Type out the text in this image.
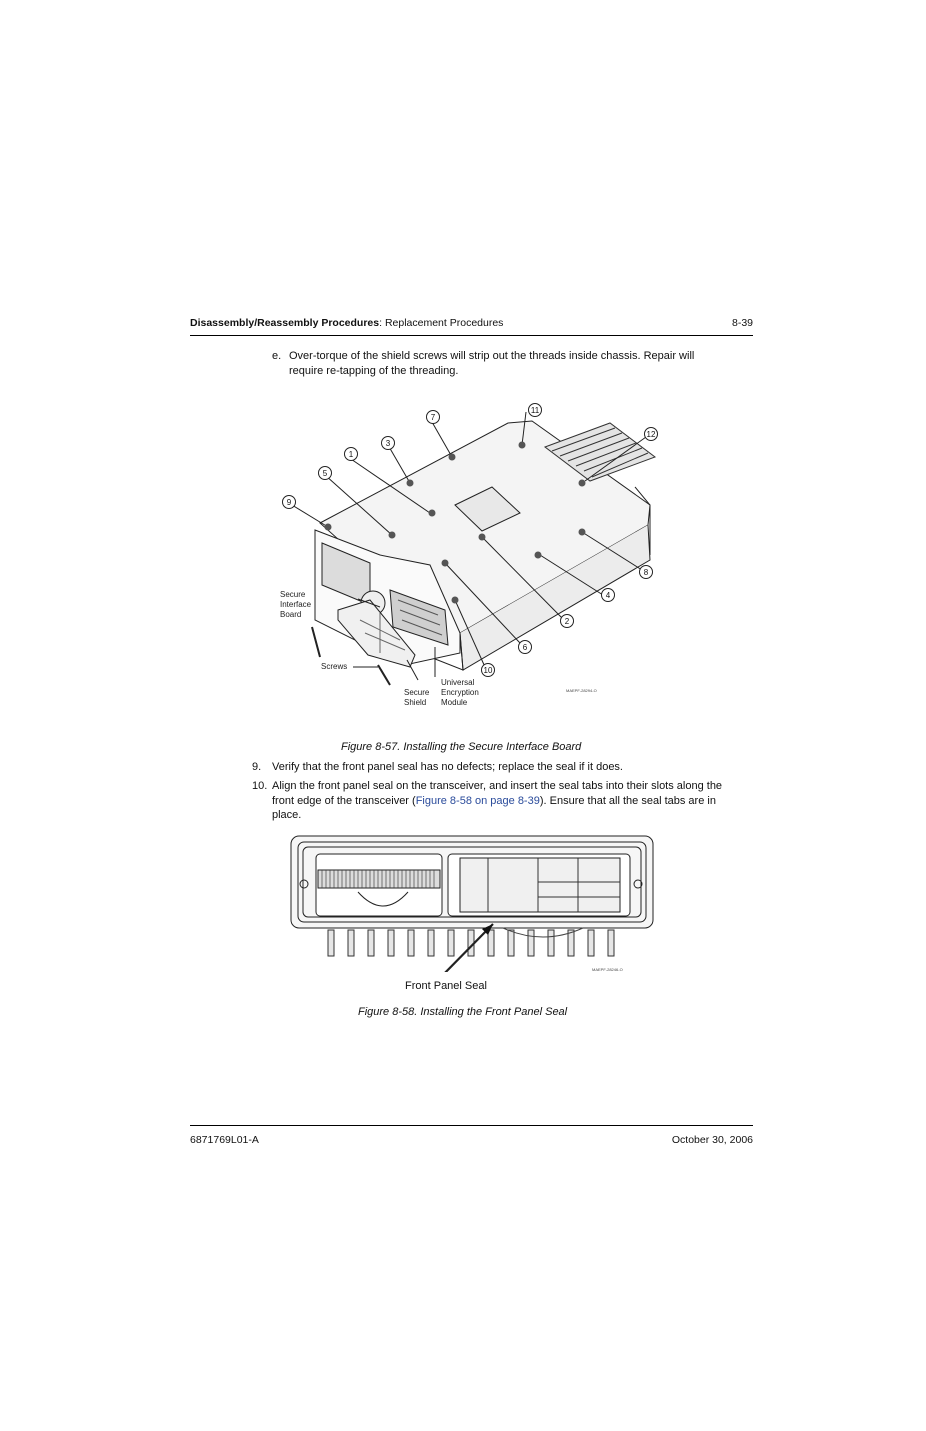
Disassembly/Reassembly Procedures: Replacement Procedures	8-39
e. Over-torque of the shield screws will strip out the threads inside chassis. Repair will
require re-tapping of the threading.
1
2
3
4
5
6
7
8
9
10
11
12
Secure
Interface
Board
Screws
Secure
Shield
Universal
Encryption
Module
MAEPF-28294-O
Figure 8-57. Installing the Secure Interface Board
9. Verify that the front panel seal has no defects; replace the seal if it does.
10. Align the front panel seal on the transceiver, and insert the seal tabs into their slots along the
front edge of the transceiver (Figure 8-58 on page 8-39). Ensure that all the seal tabs are in
place.
MAEPF-28246-O
Front Panel Seal
Figure 8-58. Installing the Front Panel Seal
6871769L01-A	October 30, 2006
